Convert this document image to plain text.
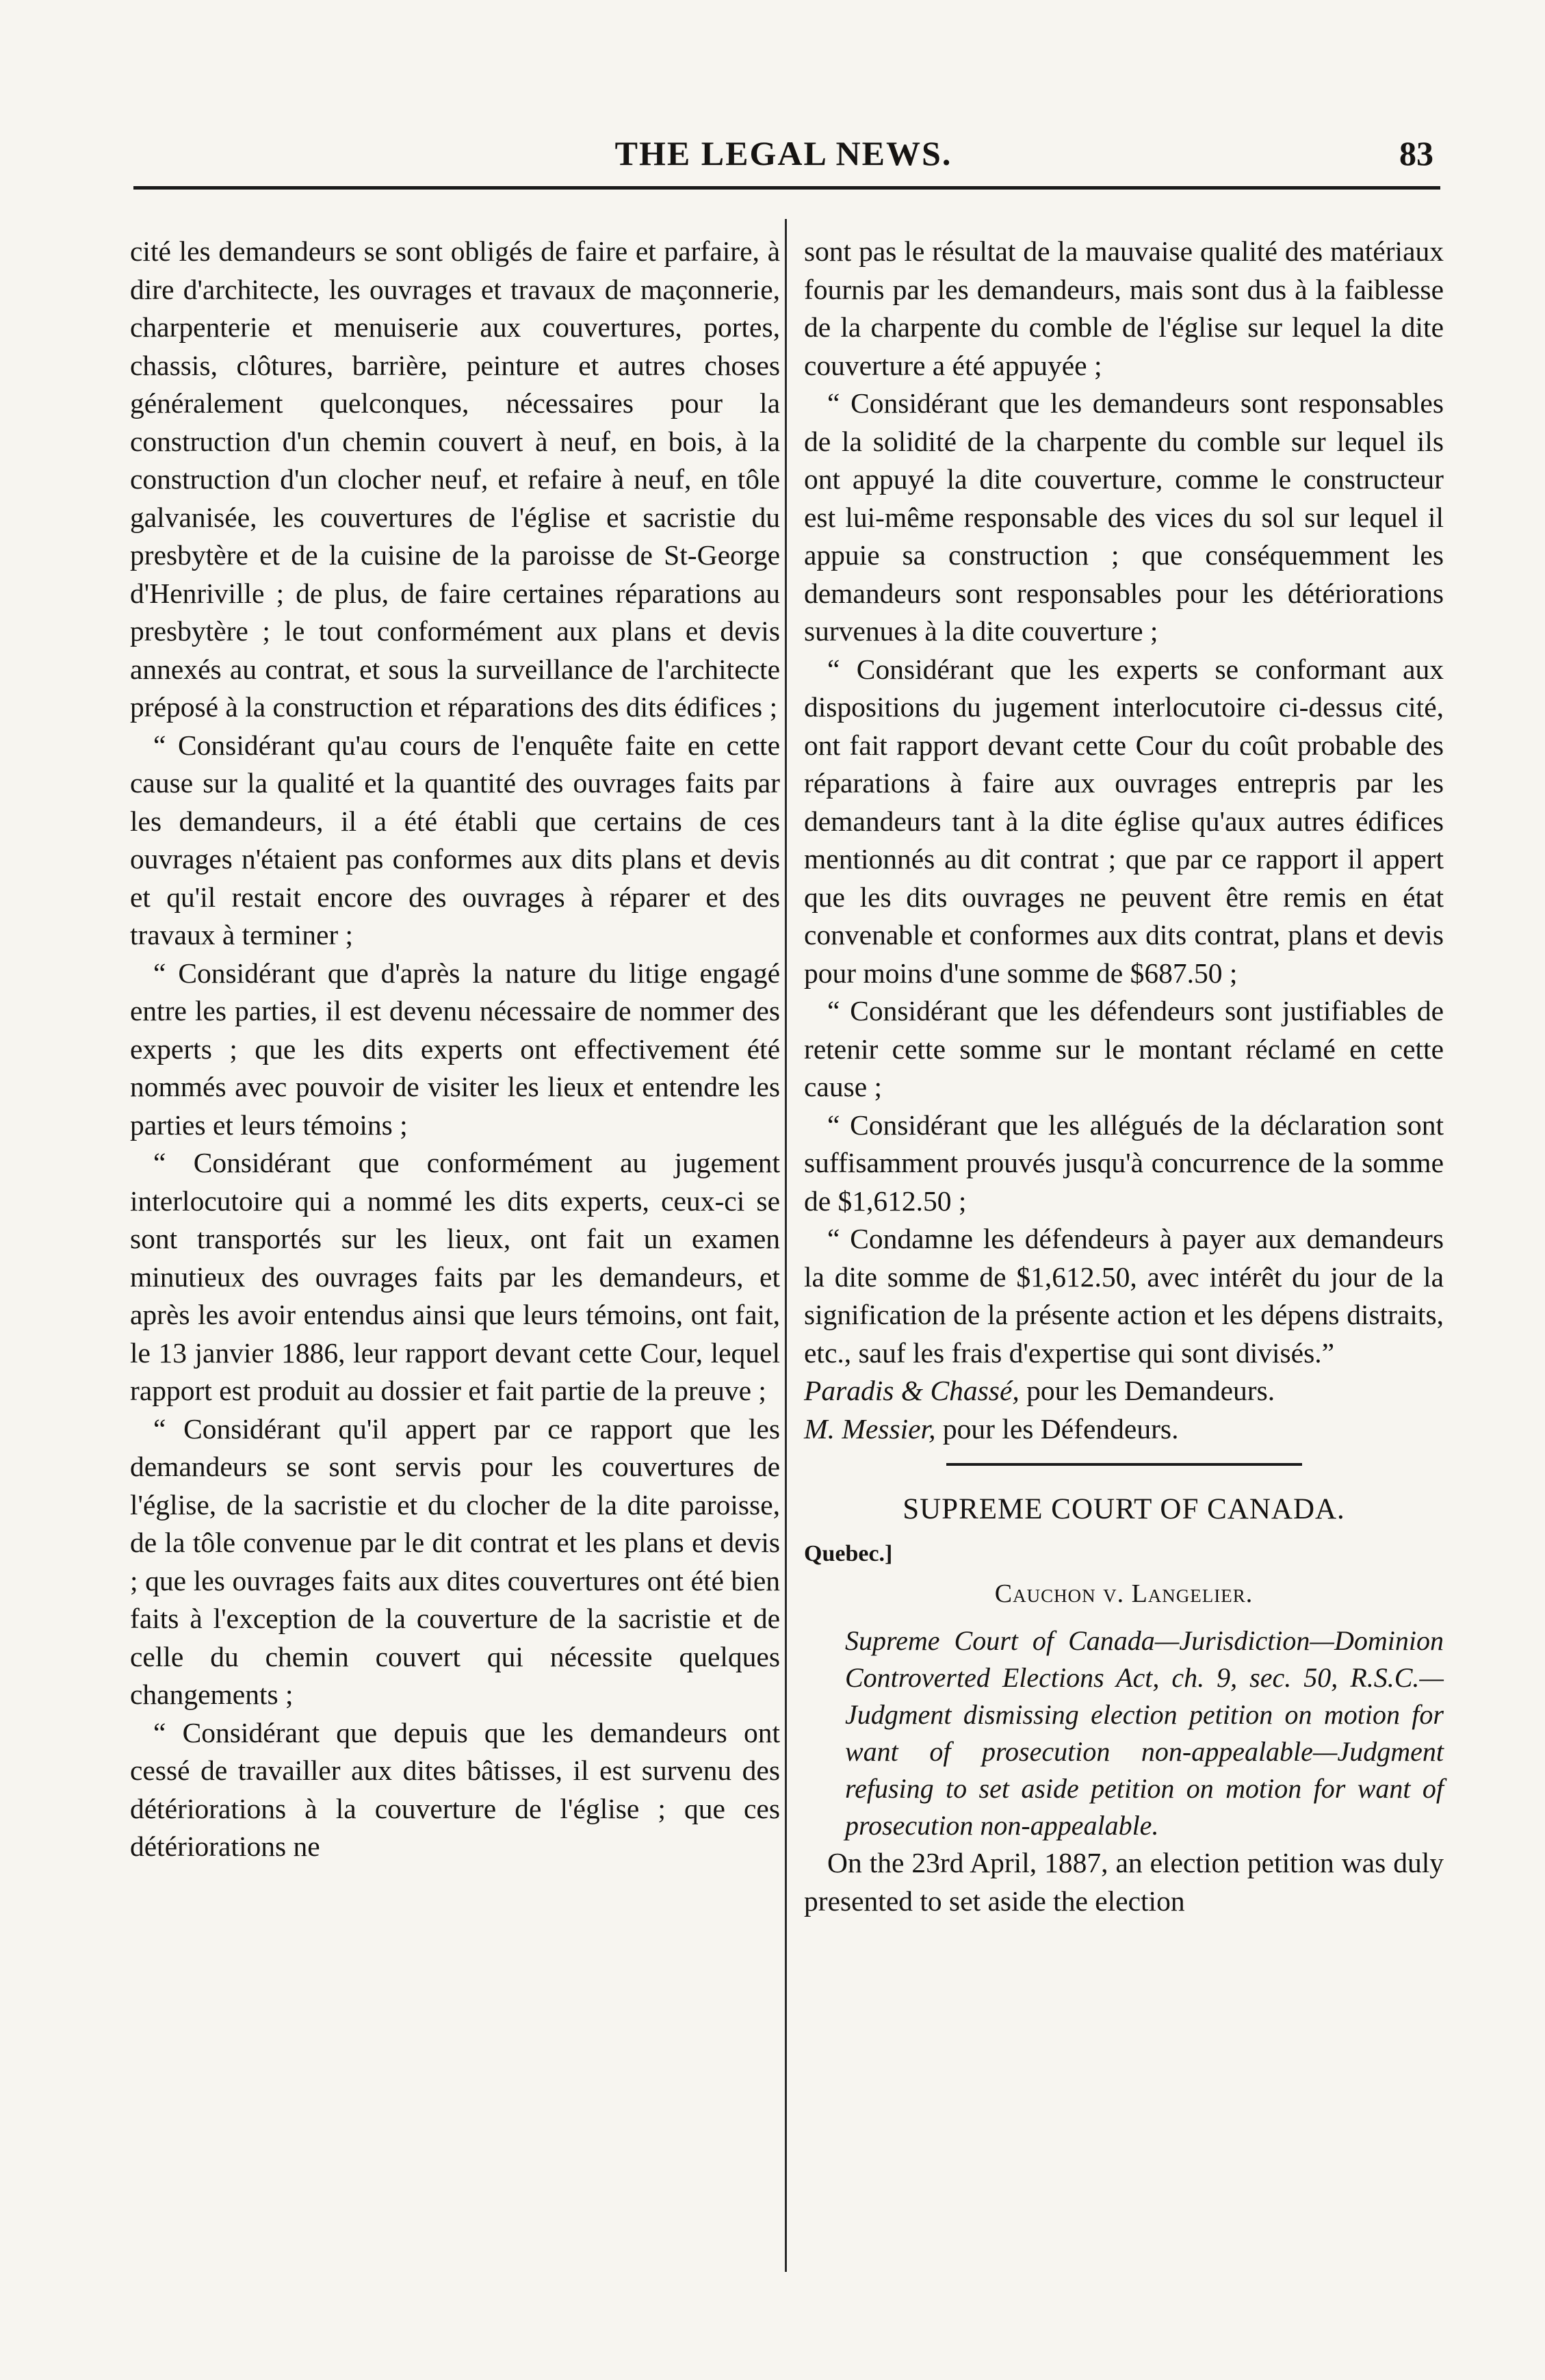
THE LEGAL NEWS.	83

cité les demandeurs se sont obligés de faire et parfaire, à dire d'architecte, les ouvrages et travaux de maçonnerie, charpenterie et menuiserie aux couvertures, portes, chassis, clôtures, barrière, peinture et autres choses généralement quelconques, nécessaires pour la construction d'un chemin couvert à neuf, en bois, à la construction d'un clocher neuf, et refaire à neuf, en tôle galvanisée, les couvertures de l'église et sacristie du presbytère et de la cuisine de la paroisse de St-George d'Henriville ; de plus, de faire certaines réparations au presbytère ; le tout conformément aux plans et devis annexés au contrat, et sous la surveillance de l'architecte préposé à la construction et réparations des dits édifices ;

“ Considérant qu'au cours de l'enquête faite en cette cause sur la qualité et la quantité des ouvrages faits par les demandeurs, il a été établi que certains de ces ouvrages n'étaient pas conformes aux dits plans et devis et qu'il restait encore des ouvrages à réparer et des travaux à terminer ;

“ Considérant que d'après la nature du litige engagé entre les parties, il est devenu nécessaire de nommer des experts ; que les dits experts ont effectivement été nommés avec pouvoir de visiter les lieux et entendre les parties et leurs témoins ;

“ Considérant que conformément au jugement interlocutoire qui a nommé les dits experts, ceux-ci se sont transportés sur les lieux, ont fait un examen minutieux des ouvrages faits par les demandeurs, et après les avoir entendus ainsi que leurs témoins, ont fait, le 13 janvier 1886, leur rapport devant cette Cour, lequel rapport est produit au dossier et fait partie de la preuve ;

“ Considérant qu'il appert par ce rapport que les demandeurs se sont servis pour les couvertures de l'église, de la sacristie et du clocher de la dite paroisse, de la tôle convenue par le dit contrat et les plans et devis ; que les ouvrages faits aux dites couvertures ont été bien faits à l'exception de la couverture de la sacristie et de celle du chemin couvert qui nécessite quelques changements ;

“ Considérant que depuis que les demandeurs ont cessé de travailler aux dites bâtisses, il est survenu des détériorations à la couverture de l'église ; que ces détériorations ne

sont pas le résultat de la mauvaise qualité des matériaux fournis par les demandeurs, mais sont dus à la faiblesse de la charpente du comble de l'église sur lequel la dite couverture a été appuyée ;

“ Considérant que les demandeurs sont responsables de la solidité de la charpente du comble sur lequel ils ont appuyé la dite couverture, comme le constructeur est lui-même responsable des vices du sol sur lequel il appuie sa construction ; que conséquemment les demandeurs sont responsables pour les détériorations survenues à la dite couverture ;

“ Considérant que les experts se conformant aux dispositions du jugement interlocutoire ci-dessus cité, ont fait rapport devant cette Cour du coût probable des réparations à faire aux ouvrages entrepris par les demandeurs tant à la dite église qu'aux autres édifices mentionnés au dit contrat ; que par ce rapport il appert que les dits ouvrages ne peuvent être remis en état convenable et conformes aux dits contrat, plans et devis pour moins d'une somme de $687.50 ;

“ Considérant que les défendeurs sont justifiables de retenir cette somme sur le montant réclamé en cette cause ;

“ Considérant que les allégués de la déclaration sont suffisamment prouvés jusqu'à concurrence de la somme de $1,612.50 ;

“ Condamne les défendeurs à payer aux demandeurs la dite somme de $1,612.50, avec intérêt du jour de la signification de la présente action et les dépens distraits, etc., sauf les frais d'expertise qui sont divisés.”

Paradis & Chassé, pour les Demandeurs.

M. Messier, pour les Défendeurs.

SUPREME COURT OF CANADA.

Quebec.]

Cauchon v. Langelier.

Supreme Court of Canada—Jurisdiction—Dominion Controverted Elections Act, ch. 9, sec. 50, R.S.C.—Judgment dismissing election petition on motion for want of prosecution non-appealable—Judgment refusing to set aside petition on motion for want of prosecution non-appealable.

On the 23rd April, 1887, an election petition was duly presented to set aside the election
